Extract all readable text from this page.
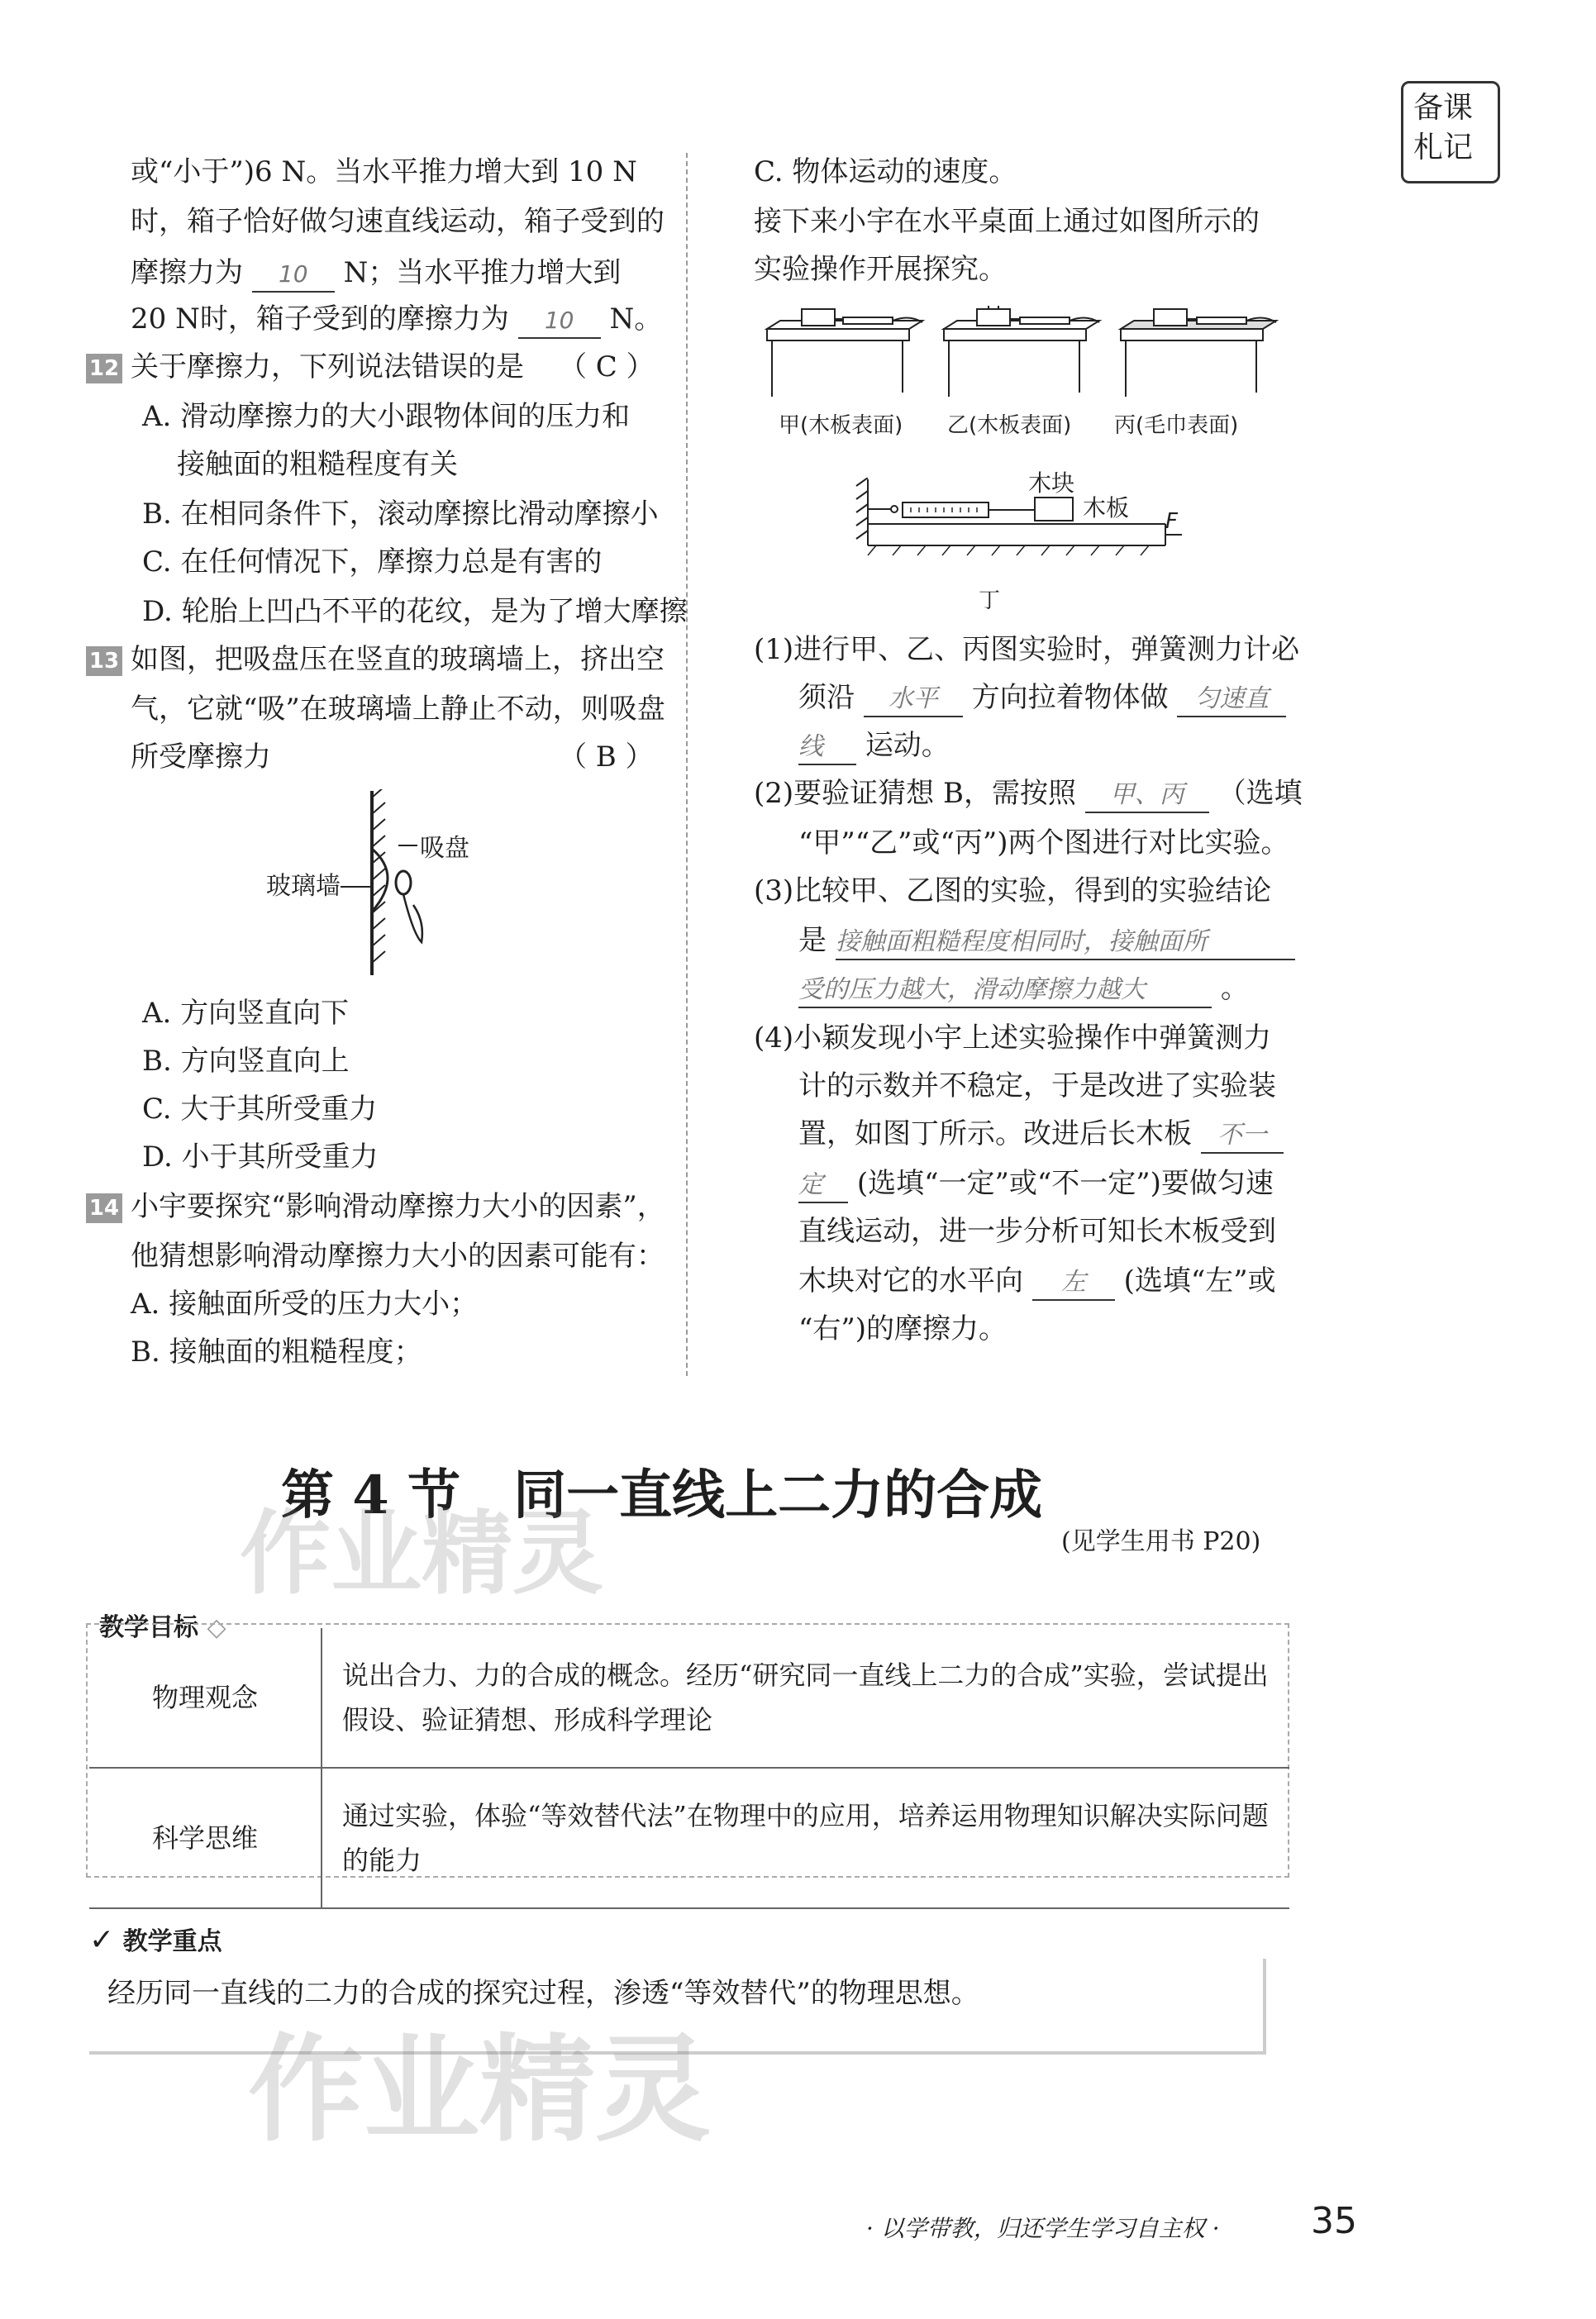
备课
札记
或“小于”)6 N。当水平推力增大到 10 N
时，箱子恰好做匀速直线运动，箱子受到的
摩擦力为 10 N；当水平推力增大到
20 N时，箱子受到的摩擦力为 10 N。
12 关于摩擦力，下列说法错误的是 （ C ）
A. 滑动摩擦力的大小跟物体间的压力和
接触面的粗糙程度有关
B. 在相同条件下，滚动摩擦比滑动摩擦小
C. 在任何情况下，摩擦力总是有害的
D. 轮胎上凹凸不平的花纹，是为了增大摩擦
13 如图，把吸盘压在竖直的玻璃墙上，挤出空
气，它就“吸”在玻璃墙上静止不动，则吸盘
所受摩擦力	（ B ）
吸盘
玻璃墙
A. 方向竖直向下
B. 方向竖直向上
C. 大于其所受重力
D. 小于其所受重力
14 小宇要探究“影响滑动摩擦力大小的因素”，
他猜想影响滑动摩擦力大小的因素可能有：
A. 接触面所受的压力大小；
B. 接触面的粗糙程度；
C. 物体运动的速度。
接下来小宇在水平桌面上通过如图所示的
实验操作开展探究。
甲(木板表面) 乙(木板表面) 丙(毛巾表面)
木块
木板 F
丁
(1)进行甲、乙、丙图实验时，弹簧测力计必
须沿 水平 方向拉着物体做 匀速直
线 运动。
(2)要验证猜想 B，需按照 甲、丙 （选填
“甲”“乙”或“丙”)两个图进行对比实验。
(3)比较甲、乙图的实验，得到的实验结论
是 接触面粗糙程度相同时，接触面所
受的压力越大，滑动摩擦力越大	。
(4)小颖发现小宇上述实验操作中弹簧测力
计的示数并不稳定，于是改进了实验装
置，如图丁所示。改进后长木板 不一
定 (选填“一定”或“不一定”)要做匀速
直线运动，进一步分析可知长木板受到
木块对它的水平向 左 (选填“左”或
“右”)的摩擦力。
第 4 节　同一直线上二力的合成
作业精灵	(见学生用书 P20)
教学目标 ◇
物理观念	说出合力、力的合成的概念。经历“研究同一直线上二力的合成”实验，尝试提出假设、验证猜想、形成科学理论
科学思维	通过实验，体验“等效替代法”在物理中的应用，培养运用物理知识解决实际问题的能力
✓ 教学重点
经历同一直线的二力的合成的探究过程，渗透“等效替代”的物理思想。
作业精灵
· 以学带教，归还学生学习自主权 ·	35
